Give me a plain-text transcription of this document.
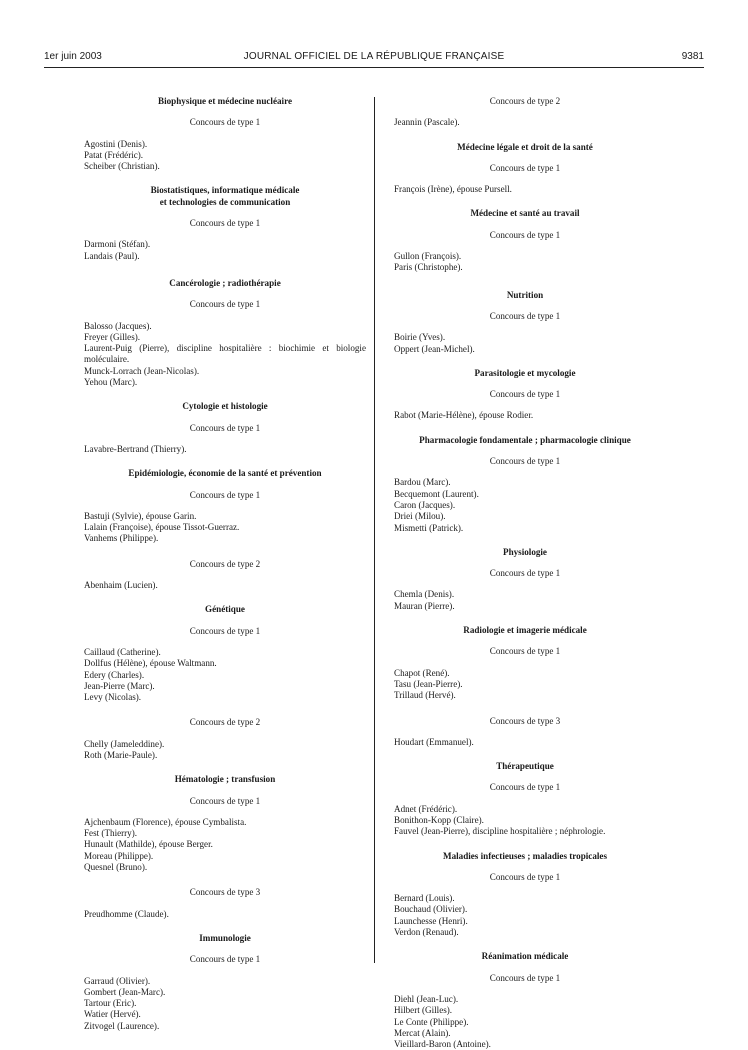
1er juin 2003	JOURNAL OFFICIEL DE LA RÉPUBLIQUE FRANÇAISE	9381

Biophysique et médecine nucléaire

Concours de type 1
Agostini (Denis).
Patat (Frédéric).
Scheiber (Christian).

Biostatistiques, informatique médicale

et technologies de communication

Concours de type 1
Darmoni (Stéfan).
Landais (Paul).

Cancérologie ; radiothérapie

Concours de type 1
Balosso (Jacques).
Freyer (Gilles).
Laurent-Puig (Pierre), discipline hospitalière : biochimie et biologie moléculaire.
Munck-Lorrach (Jean-Nicolas).
Yehou (Marc).

Cytologie et histologie

Concours de type 1
Lavabre-Bertrand (Thierry).

Epidémiologie, économie de la santé et prévention

Concours de type 1
Bastuji (Sylvie), épouse Garin.
Lalain (Françoise), épouse Tissot-Guerraz.
Vanhems (Philippe).
Concours de type 2
Abenhaim (Lucien).

Génétique

Concours de type 1
Caillaud (Catherine).
Dollfus (Hélène), épouse Waltmann.
Edery (Charles).
Jean-Pierre (Marc).
Levy (Nicolas).
Concours de type 2
Chelly (Jameleddine).
Roth (Marie-Paule).

Hématologie ; transfusion

Concours de type 1
Ajchenbaum (Florence), épouse Cymbalista.
Fest (Thierry).
Hunault (Mathilde), épouse Berger.
Moreau (Philippe).
Quesnel (Bruno).
Concours de type 3
Preudhomme (Claude).

Immunologie

Concours de type 1
Garraud (Olivier).
Gombert (Jean-Marc).
Tartour (Eric).
Watier (Hervé).
Zitvogel (Laurence).
Concours de type 2
Jeannin (Pascale).

Médecine légale et droit de la santé

Concours de type 1
François (Irène), épouse Pursell.

Médecine et santé au travail

Concours de type 1
Gullon (François).
Paris (Christophe).

Nutrition

Concours de type 1
Boirie (Yves).
Oppert (Jean-Michel).

Parasitologie et mycologie

Concours de type 1
Rabot (Marie-Hélène), épouse Rodier.

Pharmacologie fondamentale ; pharmacologie clinique

Concours de type 1
Bardou (Marc).
Becquemont (Laurent).
Caron (Jacques).
Driei (Milou).
Mismetti (Patrick).

Physiologie

Concours de type 1
Chemla (Denis).
Mauran (Pierre).

Radiologie et imagerie médicale

Concours de type 1
Chapot (René).
Tasu (Jean-Pierre).
Trillaud (Hervé).
Concours de type 3
Houdart (Emmanuel).

Thérapeutique

Concours de type 1
Adnet (Frédéric).
Bonithon-Kopp (Claire).
Fauvel (Jean-Pierre), discipline hospitalière ; néphrologie.

Maladies infectieuses ; maladies tropicales

Concours de type 1
Bernard (Louis).
Bouchaud (Olivier).
Launchesse (Henri).
Verdon (Renaud).

Réanimation médicale

Concours de type 1
Diehl (Jean-Luc).
Hilbert (Gilles).
Le Conte (Philippe).
Mercat (Alain).
Vieillard-Baron (Antoine).
